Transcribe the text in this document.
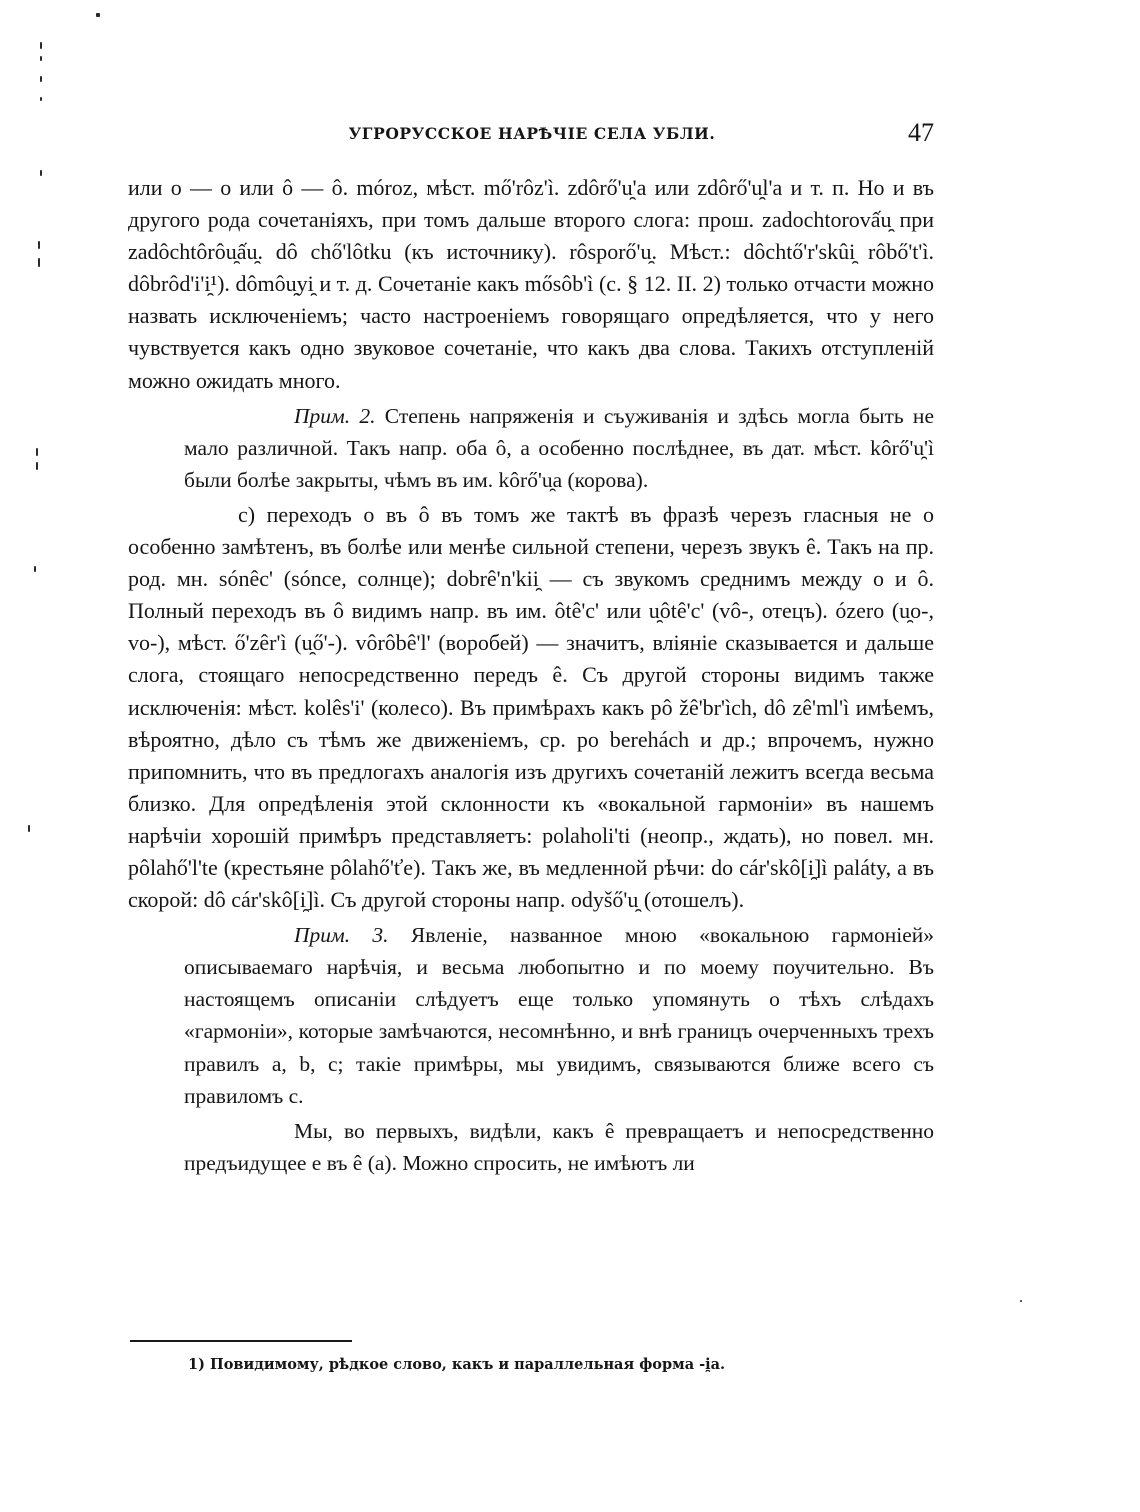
УГРОРУССКОЕ НАРѢЧІЕ СЕЛА УБЛИ.	47

или o — o или ô — ô. móroz, мѣст. mő'rôz'ì. zdôrő'u̯'a или zdôrő'u̯l'a и т. п. Но и въ другого рода сочетаніяхъ, при томъ дальше второго слога: прош. zadochtorovấu̯ при zadôchtôrôu̯ấu̯. dô chő'lôtku (къ источнику). rôsporő'u̯. Мѣст.: dôchtő'r'skûi̯ rôbő't'ì. dôbrôd'i'i̯¹). dômôu̯yi̯ и т. д. Сочетаніе какъ mősôb'ì (c. § 12. II. 2) только отчасти можно назвать исключеніемъ; часто настроеніемъ говорящаго опредѣляется, что у него чувствуется какъ одно звуковое сочетаніе, что какъ два слова. Такихъ отступленій можно ожидать много.

Прим. 2. Степень напряженія и съуживанія и здѣсь могла быть не мало различной. Такъ напр. оба ô, а особенно послѣднее, въ дат. мѣст. kôrő'u̯'ì были болѣе закрыты, чѣмъ въ им. kôrő'u̯a (корова).

c) переходъ o въ ô въ томъ же тактѣ въ фразѣ черезъ гласныя не o особенно замѣтенъ, въ болѣе или менѣе сильной степени, черезъ звукъ ê. Такъ на пр. род. мн. sónêc' (sónce, солнце); dobrê'n'kii̯ — съ звукомъ среднимъ между o и ô. Полный переходъ въ ô видимъ напр. въ им. ôtê'c' или u̯ôtê'c' (vô-, отецъ). ózero (u̯o-, vo-), мѣст. ő'zêr'ì (u̯ő'-). vôrôbê'l' (воробей) — значитъ, вліяніе сказывается и дальше слога, стоящаго непосредственно передъ ê. Съ другой стороны видимъ также исключенія: мѣст. kolês'i' (колесо). Въ примѣрахъ какъ pô žê'br'ìch, dô zê'ml'ì имѣемъ, вѣроятно, дѣло съ тѣмъ же движеніемъ, ср. po berehách и др.; впрочемъ, нужно припомнить, что въ предлогахъ аналогія изъ другихъ сочетаній лежитъ всегда весьма близко. Для опредѣленія этой склонности къ «вокальной гармоніи» въ нашемъ нарѣчіи хорошій примѣръ представляетъ: polaholi'ti (неопр., ждать), но повел. мн. pôlahő'l'te (крестьяне pôlahő'ťe). Такъ же, въ медленной рѣчи: do cár'skô[i̯]ì paláty, а въ скорой: dô cár'skô[i̯]ì. Съ другой стороны напр. odyšő'u̯ (отошелъ).

Прим. 3. Явленіе, названное мною «вокальною гармоніей» описываемаго нарѣчія, и весьма любопытно и по моему поучительно. Въ настоящемъ описаніи слѣдуетъ еще только упомянуть о тѣхъ слѣдахъ «гармоніи», которые замѣчаются, несомнѣнно, и внѣ границъ очерченныхъ трехъ правилъ a, b, c; такіе примѣры, мы увидимъ, связываются ближе всего съ правиломъ c.

Мы, во первыхъ, видѣли, какъ ê превращаетъ и непосредственно предъидущее e въ ê (a). Можно спросить, не имѣютъ ли

1) Повидимому, рѣдкое слово, какъ и параллельная форма -i̯a.
